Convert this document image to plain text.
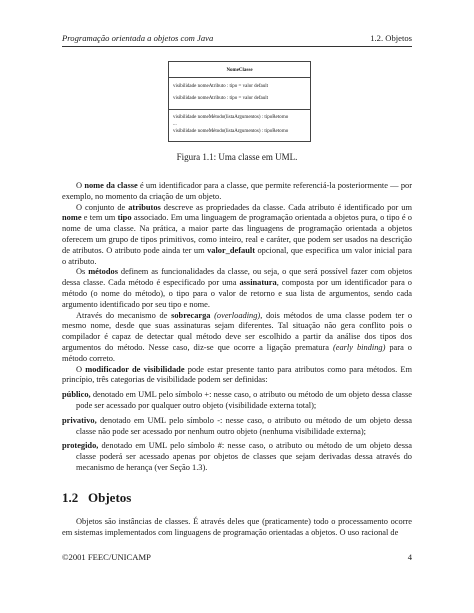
Programação orientada a objetos com Java	1.2. Objetos
NomeClasse
visibilidade nomeAtributo : tipo = valor default
visibilidade nomeAtributo : tipo = valor default
visibilidade nomeMétodo(listaArgumentos) : tipoRetorno
...
visibilidade nomeMétodo(listaArgumentos) : tipoRetorno
Figura 1.1: Uma classe em UML.

O nome da classe é um identificador para a classe, que permite referenciá-la posteriormente — por exemplo, no momento da criação de um objeto.

O conjunto de atributos descreve as propriedades da classe. Cada atributo é identificado por um nome e tem um tipo associado. Em uma linguagem de programação orientada a objetos pura, o tipo é o nome de uma classe. Na prática, a maior parte das linguagens de programação orientada a objetos oferecem um grupo de tipos primitivos, como inteiro, real e caráter, que podem ser usados na descrição de atributos. O atributo pode ainda ter um valor_default opcional, que especifica um valor inicial para o atributo.

Os métodos definem as funcionalidades da classe, ou seja, o que será possível fazer com objetos dessa classe. Cada método é especificado por uma assinatura, composta por um identificador para o método (o nome do método), o tipo para o valor de retorno e sua lista de argumentos, sendo cada argumento identificado por seu tipo e nome.

Através do mecanismo de sobrecarga (overloading), dois métodos de uma classe podem ter o mesmo nome, desde que suas assinaturas sejam diferentes. Tal situação não gera conflito pois o compilador é capaz de detectar qual método deve ser escolhido a partir da análise dos tipos dos argumentos do método. Nesse caso, diz-se que ocorre a ligação prematura (early binding) para o método correto.

O modificador de visibilidade pode estar presente tanto para atributos como para métodos. Em princípio, três categorias de visibilidade podem ser definidas:

público, denotado em UML pelo símbolo +: nesse caso, o atributo ou método de um objeto dessa classe pode ser acessado por qualquer outro objeto (visibilidade externa total);
privativo, denotado em UML pelo símbolo -: nesse caso, o atributo ou método de um objeto dessa classe não pode ser acessado por nenhum outro objeto (nenhuma visibilidade externa);
protegido, denotado em UML pelo símbolo #: nesse caso, o atributo ou método de um objeto dessa classe poderá ser acessado apenas por objetos de classes que sejam derivadas dessa através do mecanismo de herança (ver Seção 1.3).
1.2 Objetos

Objetos são instâncias de classes. É através deles que (praticamente) todo o processamento ocorre em sistemas implementados com linguagens de programação orientadas a objetos. O uso racional de

©2001 FEEC/UNICAMP	4
